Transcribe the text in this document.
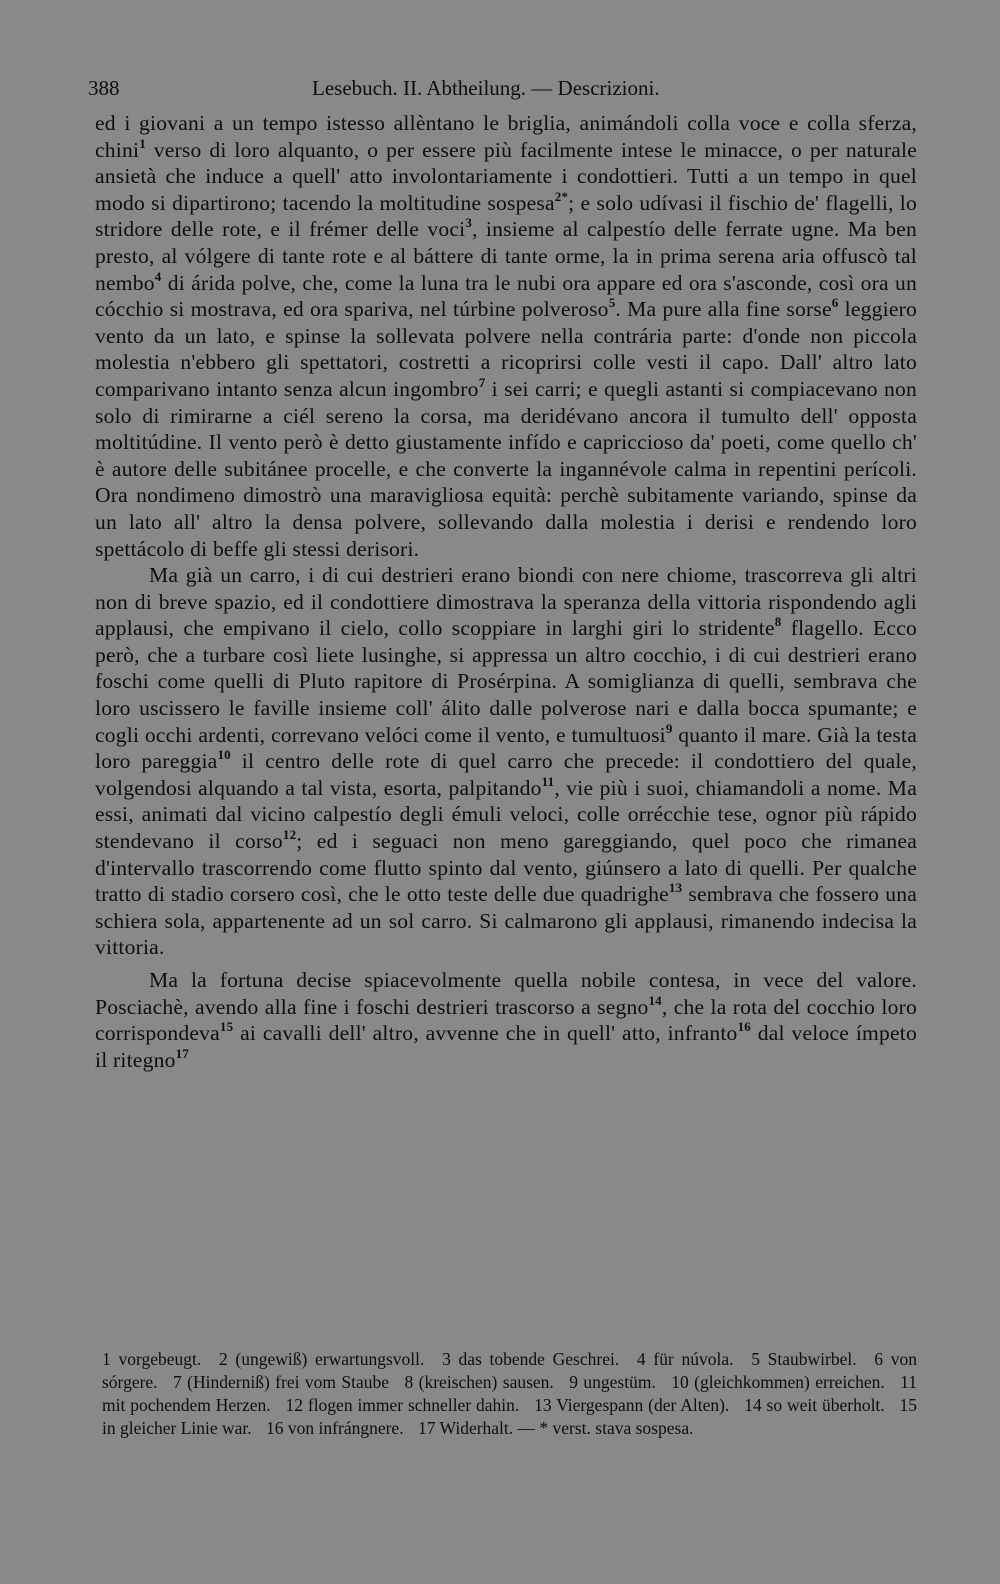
388	Lesebuch. II. Abtheilung. — Descrizioni.

ed i giovani a un tempo istesso allèntano le briglia, animándoli colla voce e colla sferza, chini$^1$ verso di loro alquanto, o per essere più facilmente intese le minacce, o per naturale ansietà che induce a quell' atto involontariamente i condottieri. Tutti a un tempo in quel modo si dipartirono; tacendo la moltitudine sospesa$^{2*}$; e solo udívasi il fischio de' flagelli, lo stridore delle rote, e il frémer delle voci$^3$, insieme al calpestío delle ferrate ugne. Ma ben presto, al vólgere di tante rote e al báttere di tante orme, la in prima serena aria offuscò tal nembo$^4$ di árida polve, che, come la luna tra le nubi ora appare ed ora s'asconde, così ora un cócchio si mostrava, ed ora spariva, nel túrbine polveroso$^5$. Ma pure alla fine sorse$^6$ leggiero vento da un lato, e spinse la sollevata polvere nella contrária parte: d'onde non piccola molestia n'ebbero gli spettatori, costretti a ricoprirsi colle vesti il capo. Dall' altro lato comparivano intanto senza alcun ingombro$^7$ i sei carri; e quegli astanti si compiacevano non solo di rimirarne a ciél sereno la corsa, ma deridévano ancora il tumulto dell' opposta moltitúdine. Il vento però è detto giustamente infído e capriccioso da' poeti, come quello ch' è autore delle subitánee procelle, e che converte la ingannévole calma in repentini perícoli. Ora nondimeno dimostrò una maravigliosa equità: perchè subitamente variando, spinse da un lato all' altro la densa polvere, sollevando dalla molestia i derisi e rendendo loro spettácolo di beffe gli stessi derisori.

Ma già un carro, i di cui destrieri erano biondi con nere chiome, trascorreva gli altri non di breve spazio, ed il condottiere dimostrava la speranza della vittoria rispondendo agli applausi, che empivano il cielo, collo scoppiare in larghi giri lo stridente$^8$ flagello. Ecco però, che a turbare così liete lusinghe, si appressa un altro cocchio, i di cui destrieri erano foschi come quelli di Pluto rapitore di Prosérpina. A somiglianza di quelli, sembrava che loro uscissero le faville insieme coll' álito dalle polverose nari e dalla bocca spumante; e cogli occhi ardenti, correvano velóci come il vento, e tumultuosi$^9$ quanto il mare. Già la testa loro pareggia$^{10}$ il centro delle rote di quel carro che precede: il condottiero del quale, volgendosi alquando a tal vista, esorta, palpitando$^{11}$, vie più i suoi, chiamandoli a nome. Ma essi, animati dal vicino calpestío degli émuli veloci, colle orrécchie tese, ognor più rápido stendevano il corso$^{12}$; ed i seguaci non meno gareggiando, quel poco che rimanea d'intervallo trascorrendo come flutto spinto dal vento, giúnsero a lato di quelli. Per qualche tratto di stadio corsero così, che le otto teste delle due quadrighe$^{13}$ sembrava che fossero una schiera sola, appartenente ad un sol carro. Si calmarono gli applausi, rimanendo indecisa la vittoria.

Ma la fortuna decise spiacevolmente quella nobile contesa, in vece del valore. Posciachè, avendo alla fine i foschi destrieri trascorso a segno$^{14}$, che la rota del cocchio loro corrispondeva$^{15}$ ai cavalli dell' altro, avvenne che in quell' atto, infranto$^{16}$ dal veloce ímpeto il ritegno$^{17}$

1 vorgebeugt. 2 (ungewiß) erwartungsvoll. 3 das tobende Geschrei. 4 für núvola. 5 Staubwirbel. 6 von sórgere. 7 (Hinderniß) frei vom Staube 8 (kreischen) sausen. 9 ungestüm. 10 (gleichkommen) erreichen. 11 mit pochendem Herzen. 12 flogen immer schneller dahin. 13 Viergespann (der Alten). 14 so weit überholt. 15 in gleicher Linie war. 16 von infrángnere. 17 Widerhalt. — * verst. stava sospesa.
